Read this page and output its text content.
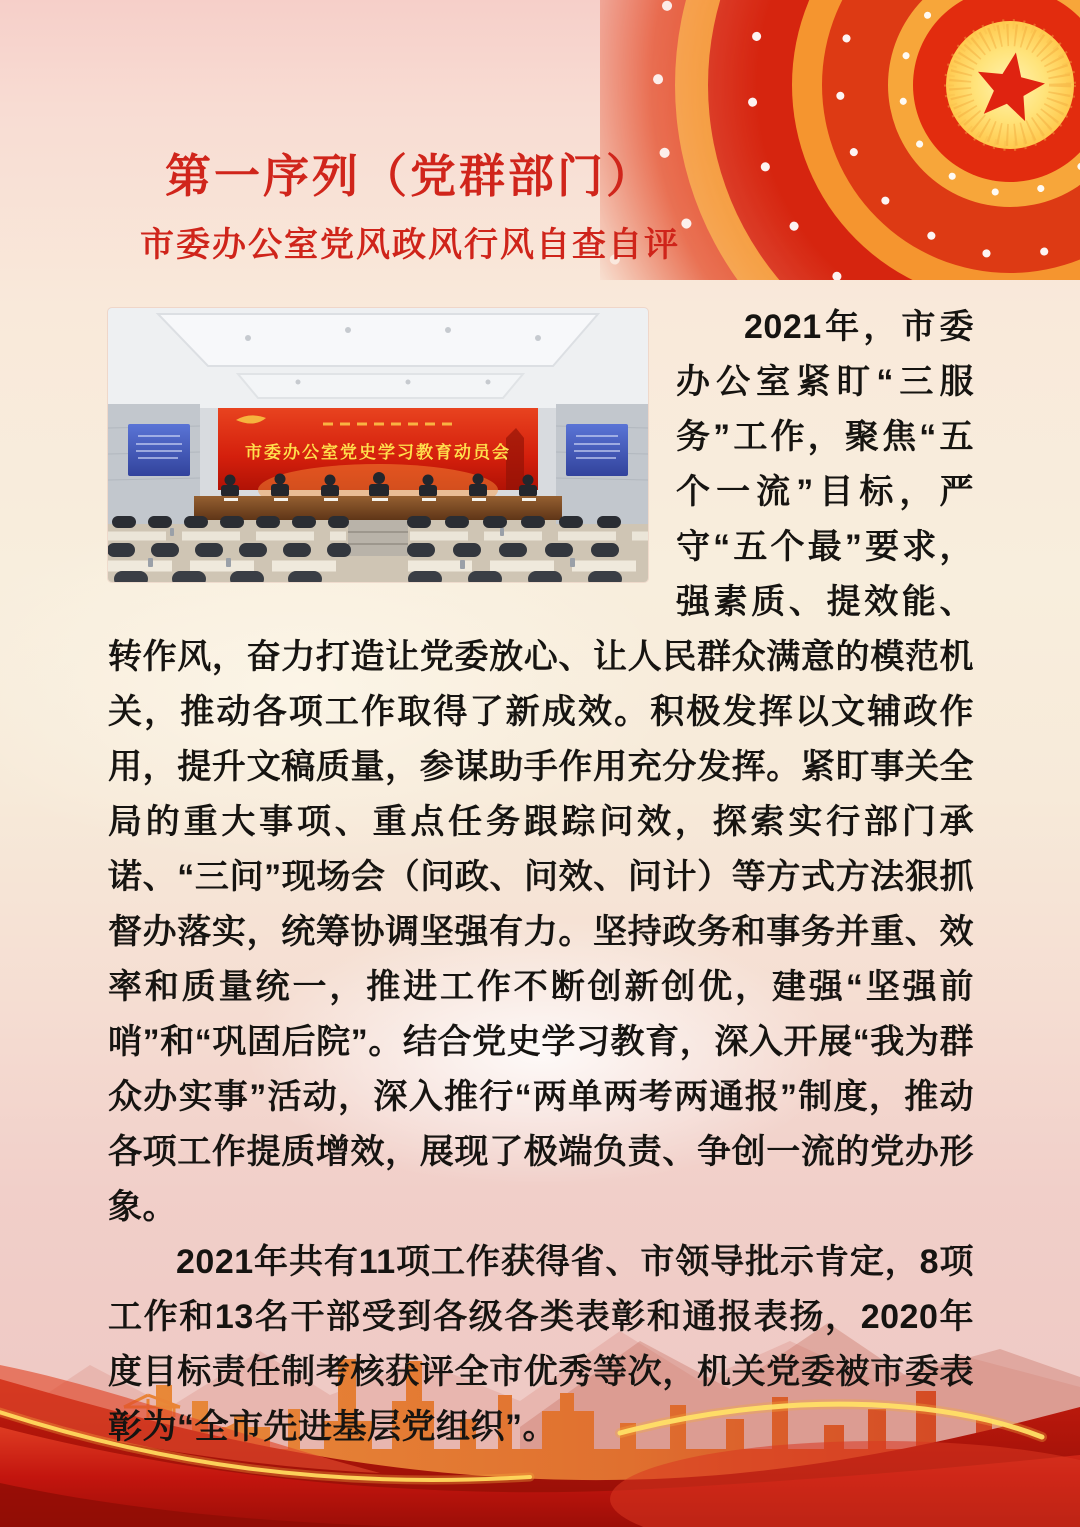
第一序列（党群部门）
市委办公室党风政风行风自查自评
市委办公室党史学习教育动员会

2021年，市委办公室紧盯“三服务”工作，聚焦“五个一流”目标，严守“五个最”要求，强素质、提效能、转作风，奋力打造让党委放心、让人民群众满意的模范机关，推动各项工作取得了新成效。积极发挥以文辅政作用，提升文稿质量，参谋助手作用充分发挥。紧盯事关全局的重大事项、重点任务跟踪问效，探索实行部门承诺、“三问”现场会（问政、问效、问计）等方式方法狠抓督办落实，统筹协调坚强有力。坚持政务和事务并重、效率和质量统一，推进工作不断创新创优，建强“坚强前哨”和“巩固后院”。结合党史学习教育，深入开展“我为群众办实事”活动，深入推行“两单两考两通报”制度，推动各项工作提质增效，展现了极端负责、争创一流的党办形象。

2021年共有11项工作获得省、市领导批示肯定，8项工作和13名干部受到各级各类表彰和通报表扬，2020年度目标责任制考核获评全市优秀等次，机关党委被市委表彰为“全市先进基层党组织”。
